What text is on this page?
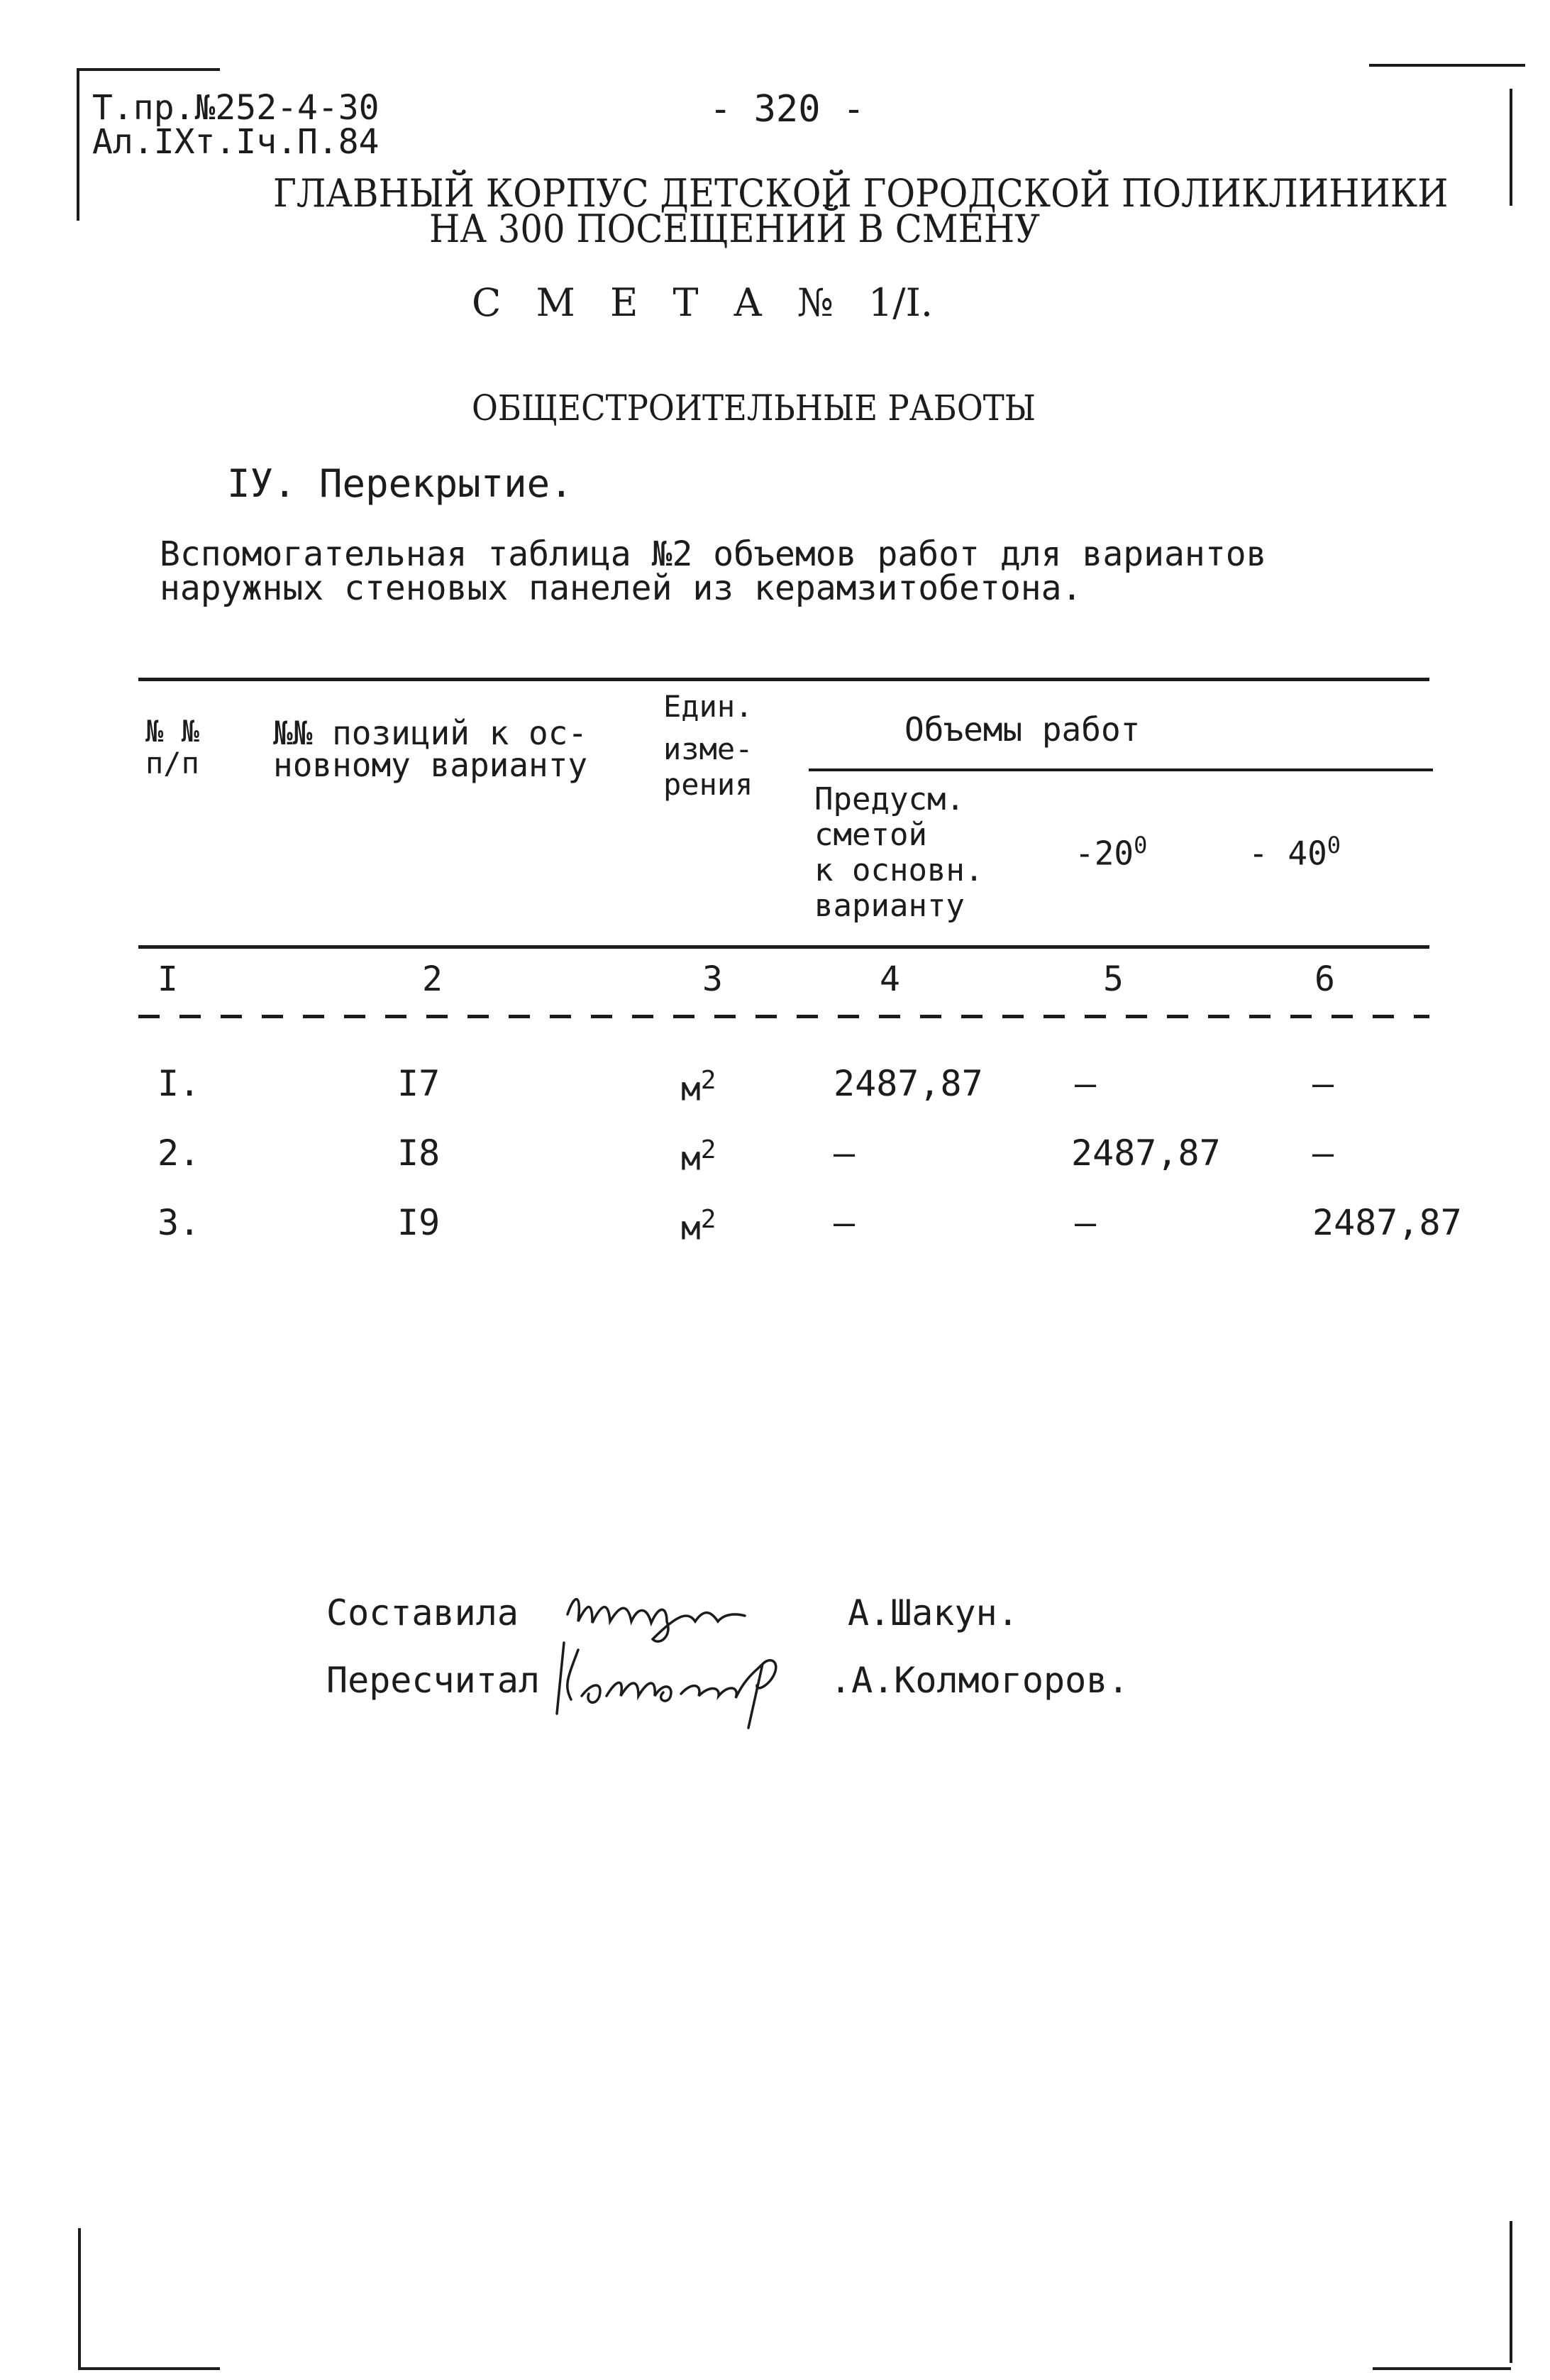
Т.пр.№252-4-30
Ал.IXт.Iч.П.84
- 320 -
ГЛАВНЫЙ КОРПУС ДЕТСКОЙ ГОРОДСКОЙ ПОЛИКЛИНИКИ
НА 300 ПОСЕЩЕНИЙ В СМЕНУ
С М Е Т А № 1/I.
ОБЩЕСТРОИТЕЛЬНЫЕ РАБОТЫ
IУ. Перекрытие.
Вспомогательная таблица №2 объемов работ для вариантов
наружных стеновых панелей из керамзитобетона.
№ №
п/п
№№ позиций к ос-
новному варианту
Един.
изме-
рения
Объемы работ
Предусм.
сметой
к основн.
варианту
$-20^0$	- $40^0$
I	2	3	4	5	6
I.	I7	$м^2$	2487,87	–	–
2.	I8	$м^2$	–	2487,87	–
3.	I9	$м^2$	–	–	2487,87
Составила	А.Шакун.
Пересчитал	.А.Колмогоров.
